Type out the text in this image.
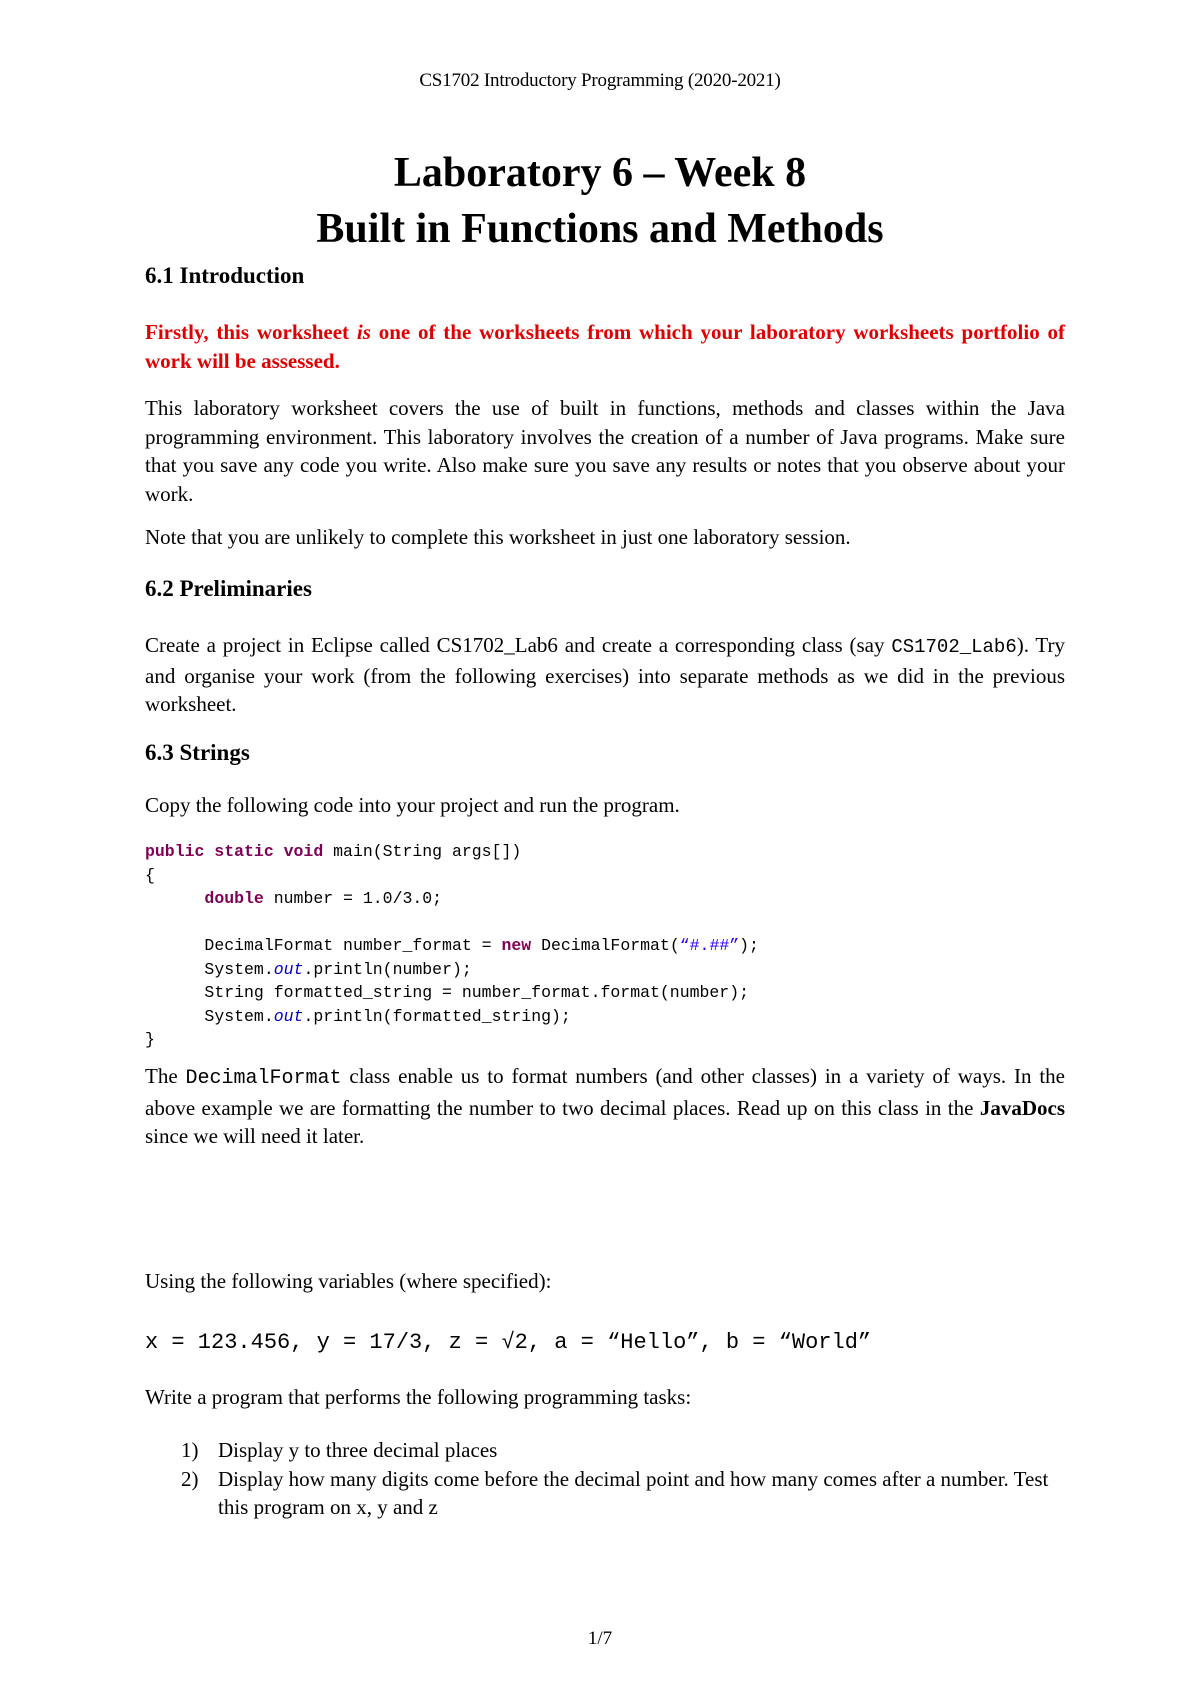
CS1702 Introductory Programming (2020-2021)
Laboratory 6 – Week 8
Built in Functions and Methods
6.1 Introduction
Firstly, this worksheet is one of the worksheets from which your laboratory worksheets portfolio of work will be assessed.
This laboratory worksheet covers the use of built in functions, methods and classes within the Java programming environment. This laboratory involves the creation of a number of Java programs. Make sure that you save any code you write. Also make sure you save any results or notes that you observe about your work.
Note that you are unlikely to complete this worksheet in just one laboratory session.
6.2 Preliminaries
Create a project in Eclipse called CS1702_Lab6 and create a corresponding class (say CS1702_Lab6). Try and organise your work (from the following exercises) into separate methods as we did in the previous worksheet.
6.3 Strings
Copy the following code into your project and run the program.
public static void main(String args[])
{
double number = 1.0/3.0;

DecimalFormat number_format = new DecimalFormat(“#.##”);
System.out.println(number);
String formatted_string = number_format.format(number);
System.out.println(formatted_string);
}
The DecimalFormat class enable us to format numbers (and other classes) in a variety of ways. In the above example we are formatting the number to two decimal places. Read up on this class in the JavaDocs since we will need it later.
Using the following variables (where specified):
x = 123.456, y = 17/3, z = √2, a = “Hello”, b = “World”
Write a program that performs the following programming tasks:
1) Display y to three decimal places
2) Display how many digits come before the decimal point and how many comes after a number. Test this program on x, y and z
1/7
